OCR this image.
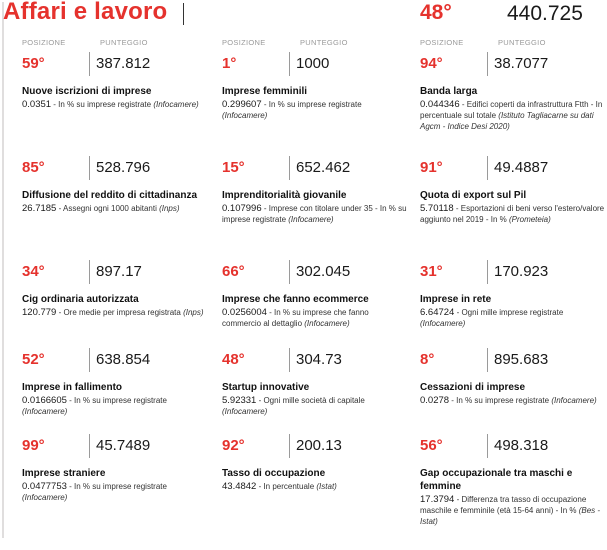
Affari e lavoro	48°	440.725
POSIZIONE	PUNTEGGIO
59°	387.812
Nuove iscrizioni di imprese
0.0351 - In % su imprese registrate (Infocamere)
POSIZIONE	PUNTEGGIO
1°	1000
Imprese femminili
0.299607 - In % su imprese registrate (Infocamere)
POSIZIONE	PUNTEGGIO
94°	38.7077
Banda larga
0.044346 - Edifici coperti da infrastruttura Ftth - In percentuale sul totale (Istituto Tagliacarne su dati Agcm - Indice Desi 2020)
85°	528.796
Diffusione del reddito di cittadinanza
26.7185 - Assegni ogni 1000 abitanti (Inps)
15°	652.462
Imprenditorialità giovanile
0.107996 - Imprese con titolare under 35 - In % su imprese registrate (Infocamere)
91°	49.4887
Quota di export sul Pil
5.70118 - Esportazioni di beni verso l'estero/valore aggiunto nel 2019 - In % (Prometeia)
34°	897.17
Cig ordinaria autorizzata
120.779 - Ore medie per impresa registrata (Inps)
66°	302.045
Imprese che fanno ecommerce
0.0256004 - In % su imprese che fanno commercio al dettaglio (Infocamere)
31°	170.923
Imprese in rete
6.64724 - Ogni mille imprese registrate (Infocamere)
52°	638.854
Imprese in fallimento
0.0166605 - In % su imprese registrate (Infocamere)
48°	304.73
Startup innovative
5.92331 - Ogni mille società di capitale (Infocamere)
8°	895.683
Cessazioni di imprese
0.0278 - In % su imprese registrate (Infocamere)
99°	45.7489
Imprese straniere
0.0477753 - In % su imprese registrate (Infocamere)
92°	200.13
Tasso di occupazione
43.4842 - In percentuale (Istat)
56°	498.318
Gap occupazionale tra maschi e femmine
17.3794 - Differenza tra tasso di occupazione maschile e femminile (età 15-64 anni) - In % (Bes - Istat)
